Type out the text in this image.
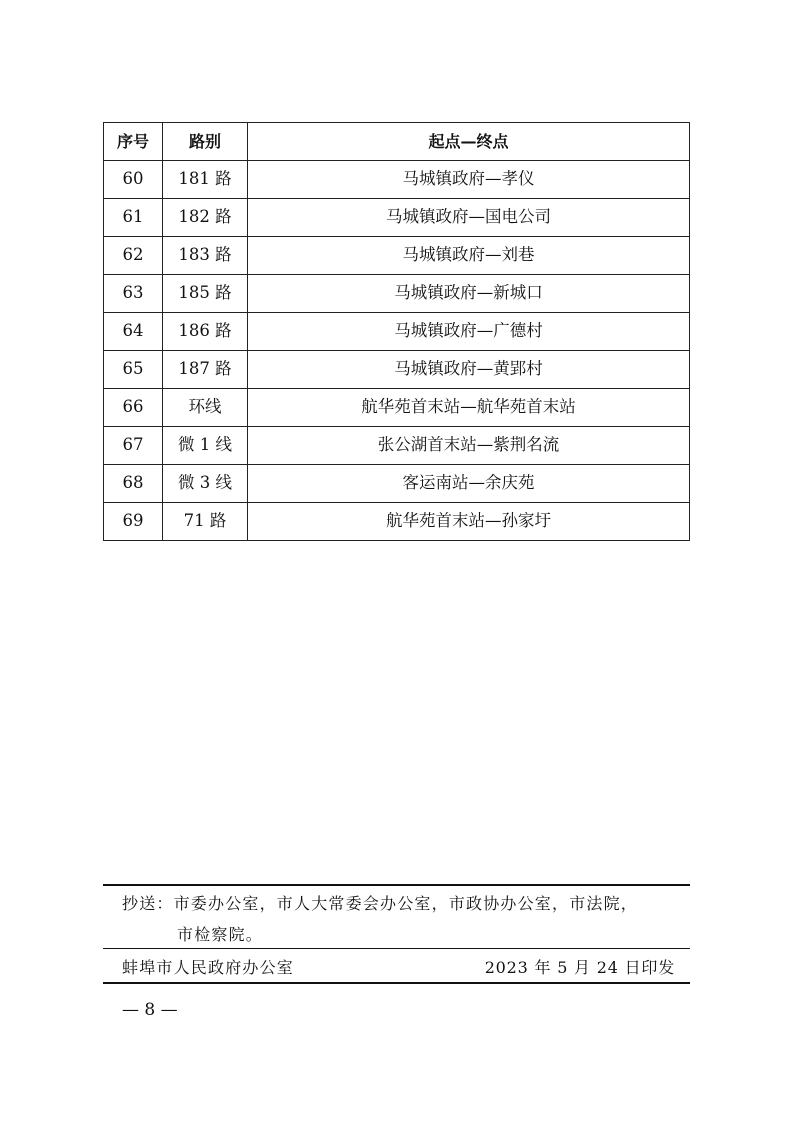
序号	路别	起点—终点
60	181 路	马城镇政府—孝仪
61	182 路	马城镇政府—国电公司
62	183 路	马城镇政府—刘巷
63	185 路	马城镇政府—新城口
64	186 路	马城镇政府—广德村
65	187 路	马城镇政府—黄郢村
66	环线	航华苑首末站—航华苑首末站
67	微 1 线	张公湖首末站—紫荆名流
68	微 3 线	客运南站—余庆苑
69	71 路	航华苑首末站—孙家圩
抄送：市委办公室，市人大常委会办公室，市政协办公室，市法院，
市检察院。
蚌埠市人民政府办公室	2023 年 5 月 24 日印发
— 8 —
